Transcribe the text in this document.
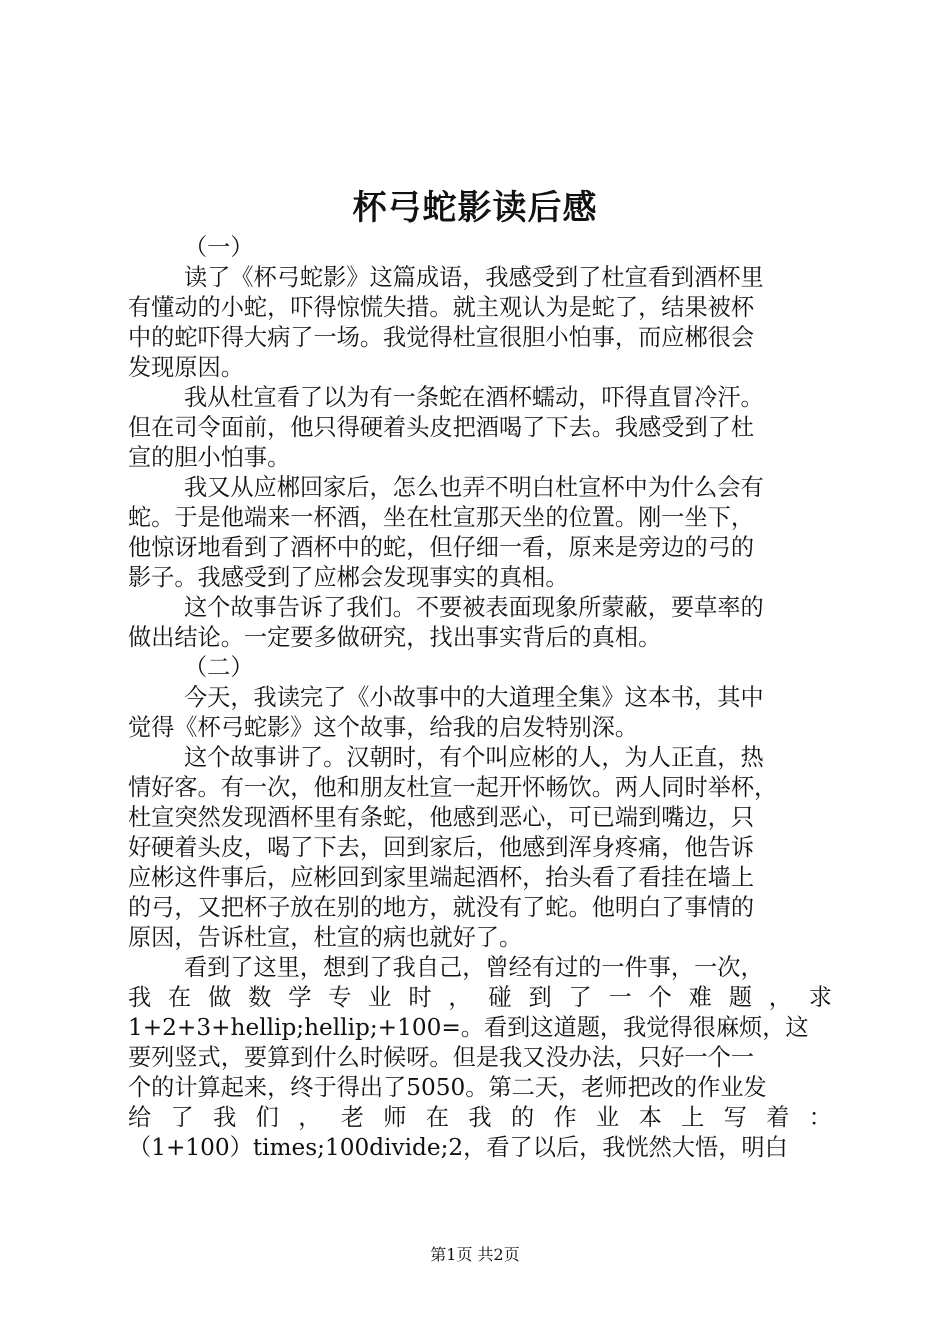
杯弓蛇影读后感
（一）
读了《杯弓蛇影》这篇成语，我感受到了杜宣看到酒杯里
有懂动的小蛇，吓得惊慌失措。就主观认为是蛇了，结果被杯
中的蛇吓得大病了一场。我觉得杜宣很胆小怕事，而应郴很会
发现原因。
我从杜宣看了以为有一条蛇在酒杯蠕动，吓得直冒冷汗。
但在司令面前，他只得硬着头皮把酒喝了下去。我感受到了杜
宣的胆小怕事。
我又从应郴回家后，怎么也弄不明白杜宣杯中为什么会有
蛇。于是他端来一杯酒，坐在杜宣那天坐的位置。刚一坐下，
他惊讶地看到了酒杯中的蛇，但仔细一看，原来是旁边的弓的
影子。我感受到了应郴会发现事实的真相。
这个故事告诉了我们。不要被表面现象所蒙蔽，要草率的
做出结论。一定要多做研究，找出事实背后的真相。
（二）
今天，我读完了《小故事中的大道理全集》这本书，其中
觉得《杯弓蛇影》这个故事，给我的启发特别深。
这个故事讲了。汉朝时，有个叫应彬的人，为人正直，热
情好客。有一次，他和朋友杜宣一起开怀畅饮。两人同时举杯，
杜宣突然发现酒杯里有条蛇，他感到恶心，可已端到嘴边，只
好硬着头皮，喝了下去，回到家后，他感到浑身疼痛，他告诉
应彬这件事后，应彬回到家里端起酒杯，抬头看了看挂在墙上
的弓，又把杯子放在别的地方，就没有了蛇。他明白了事情的
原因，告诉杜宣，杜宣的病也就好了。
看到了这里，想到了我自己，曾经有过的一件事，一次，
我在做数学专业时，碰到了一个难题，求
1+2+3+hellip;hellip;+100=。看到这道题，我觉得很麻烦，这
要列竖式，要算到什么时候呀。但是我又没办法，只好一个一
个的计算起来，终于得出了5050。第二天，老师把改的作业发
给了我们，老师在我的作业本上写着：
（1+100）times;100divide;2，看了以后，我恍然大悟，明白
第1页 共2页
